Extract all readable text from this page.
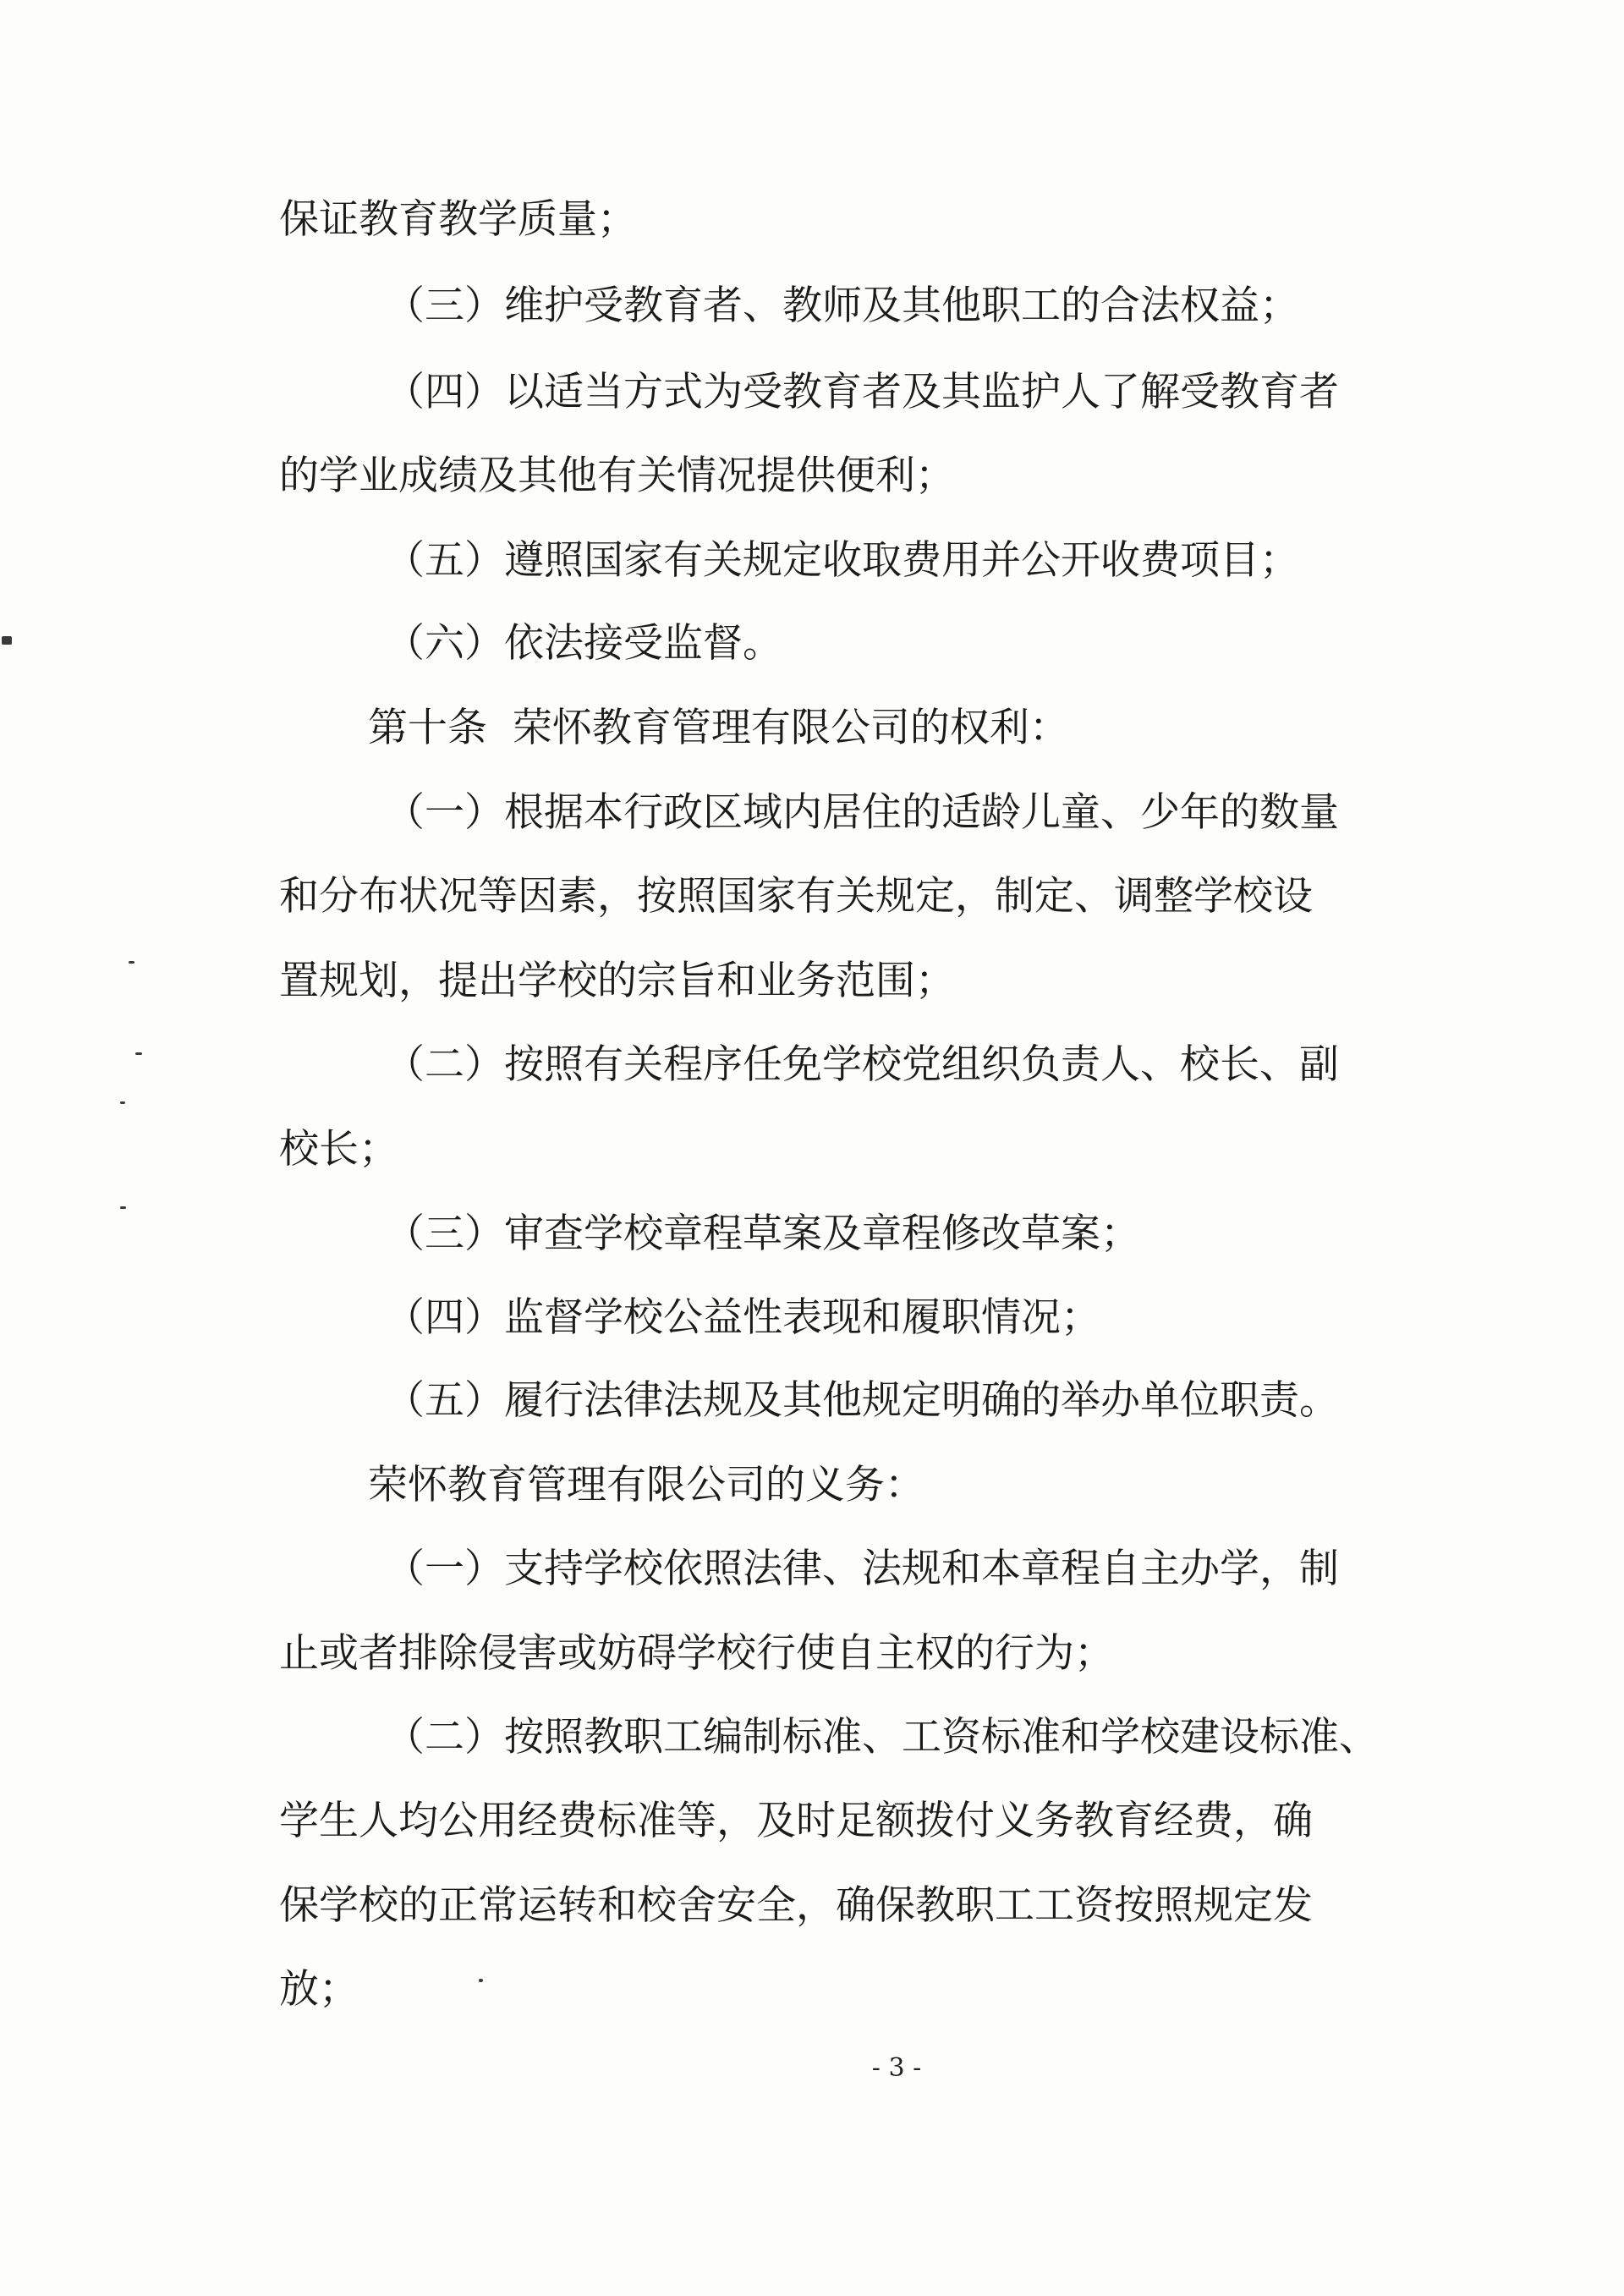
保证教育教学质量；
（三）维护受教育者、教师及其他职工的合法权益；
（四）以适当方式为受教育者及其监护人了解受教育者
的学业成绩及其他有关情况提供便利；
（五）遵照国家有关规定收取费用并公开收费项目；
（六）依法接受监督。
第十条  荣怀教育管理有限公司的权利：
（一）根据本行政区域内居住的适龄儿童、少年的数量
和分布状况等因素，按照国家有关规定，制定、调整学校设
置规划，提出学校的宗旨和业务范围；
（二）按照有关程序任免学校党组织负责人、校长、副
校长；
（三）审查学校章程草案及章程修改草案；
（四）监督学校公益性表现和履职情况；
（五）履行法律法规及其他规定明确的举办单位职责。
荣怀教育管理有限公司的义务：
（一）支持学校依照法律、法规和本章程自主办学，制
止或者排除侵害或妨碍学校行使自主权的行为；
（二）按照教职工编制标准、工资标准和学校建设标准、
学生人均公用经费标准等，及时足额拨付义务教育经费，确
保学校的正常运转和校舍安全，确保教职工工资按照规定发
放；
- 3 -
